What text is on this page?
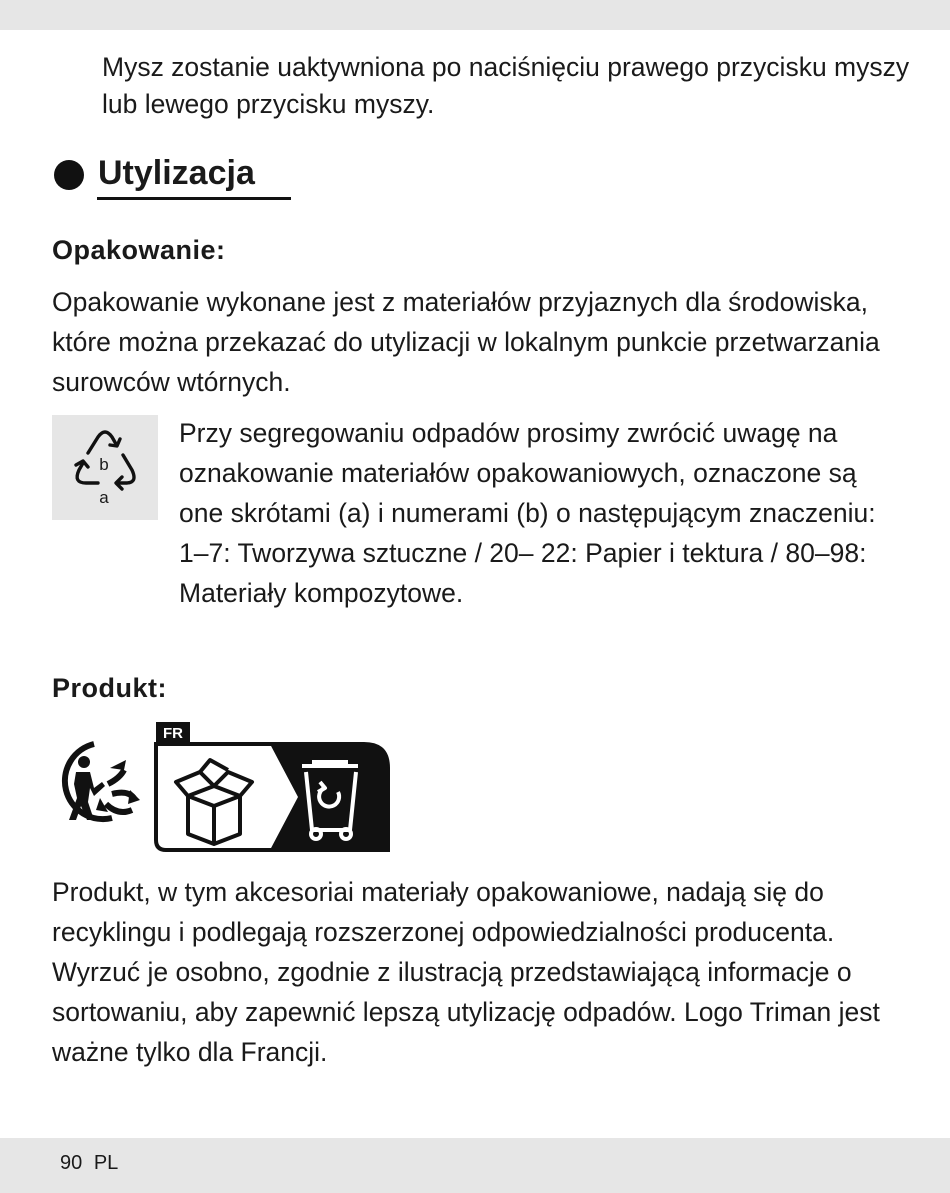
Mysz zostanie uaktywniona po naciśnięciu prawego przycisku myszy lub lewego przycisku myszy.

Utylizacja
Opakowanie:

Opakowanie wykonane jest z materiałów przyjaznych dla środowiska, które można przekazać do utylizacji w lokalnym punkcie przetwarzania surowców wtórnych.

b
a

Przy segregowaniu odpadów prosimy zwrócić uwagę na oznakowanie materiałów opakowaniowych, oznaczone są one skrótami (a) i numerami (b) o następującym znaczeniu: 1–7: Tworzywa sztuczne / 20– 22: Papier i tektura / 80–98: Materiały kompozytowe.

Produkt:
FR

Produkt, w tym akcesoriai materiały opakowaniowe, nadają się do recyklingu i podlegają rozszerzonej odpowiedzialności producenta. Wyrzuć je osobno, zgodnie z ilustracją przedstawiającą informacje o sortowaniu, aby zapewnić lepszą utylizację odpadów. Logo Triman jest ważne tylko dla Francji.

90 PL
